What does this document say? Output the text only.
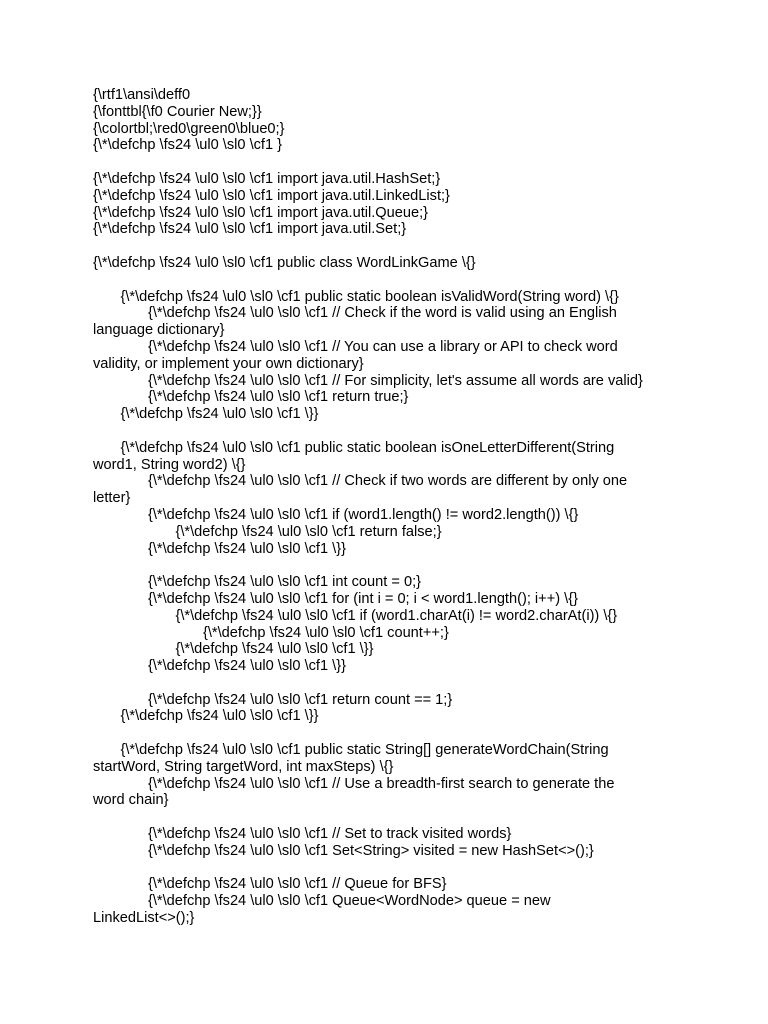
{\rtf1\ansi\deff0
{\fonttbl{\f0 Courier New;}}
{\colortbl;\red0\green0\blue0;}
{\*\defchp \fs24 \ul0 \sl0 \cf1 }
{\*\defchp \fs24 \ul0 \sl0 \cf1 import java.util.HashSet;}
{\*\defchp \fs24 \ul0 \sl0 \cf1 import java.util.LinkedList;}
{\*\defchp \fs24 \ul0 \sl0 \cf1 import java.util.Queue;}
{\*\defchp \fs24 \ul0 \sl0 \cf1 import java.util.Set;}
{\*\defchp \fs24 \ul0 \sl0 \cf1 public class WordLinkGame \{}
{\*\defchp \fs24 \ul0 \sl0 \cf1 public static boolean isValidWord(String word) \{}
{\*\defchp \fs24 \ul0 \sl0 \cf1 // Check if the word is valid using an English
language dictionary}
{\*\defchp \fs24 \ul0 \sl0 \cf1 // You can use a library or API to check word
validity, or implement your own dictionary}
{\*\defchp \fs24 \ul0 \sl0 \cf1 // For simplicity, let's assume all words are valid}
{\*\defchp \fs24 \ul0 \sl0 \cf1 return true;}
{\*\defchp \fs24 \ul0 \sl0 \cf1 \}}
{\*\defchp \fs24 \ul0 \sl0 \cf1 public static boolean isOneLetterDifferent(String
word1, String word2) \{}
{\*\defchp \fs24 \ul0 \sl0 \cf1 // Check if two words are different by only one
letter}
{\*\defchp \fs24 \ul0 \sl0 \cf1 if (word1.length() != word2.length()) \{}
{\*\defchp \fs24 \ul0 \sl0 \cf1 return false;}
{\*\defchp \fs24 \ul0 \sl0 \cf1 \}}
{\*\defchp \fs24 \ul0 \sl0 \cf1 int count = 0;}
{\*\defchp \fs24 \ul0 \sl0 \cf1 for (int i = 0; i < word1.length(); i++) \{}
{\*\defchp \fs24 \ul0 \sl0 \cf1 if (word1.charAt(i) != word2.charAt(i)) \{}
{\*\defchp \fs24 \ul0 \sl0 \cf1 count++;}
{\*\defchp \fs24 \ul0 \sl0 \cf1 \}}
{\*\defchp \fs24 \ul0 \sl0 \cf1 \}}
{\*\defchp \fs24 \ul0 \sl0 \cf1 return count == 1;}
{\*\defchp \fs24 \ul0 \sl0 \cf1 \}}
{\*\defchp \fs24 \ul0 \sl0 \cf1 public static String[] generateWordChain(String
startWord, String targetWord, int maxSteps) \{}
{\*\defchp \fs24 \ul0 \sl0 \cf1 // Use a breadth-first search to generate the
word chain}
{\*\defchp \fs24 \ul0 \sl0 \cf1 // Set to track visited words}
{\*\defchp \fs24 \ul0 \sl0 \cf1 Set<String> visited = new HashSet<>();}
{\*\defchp \fs24 \ul0 \sl0 \cf1 // Queue for BFS}
{\*\defchp \fs24 \ul0 \sl0 \cf1 Queue<WordNode> queue = new
LinkedList<>();}
